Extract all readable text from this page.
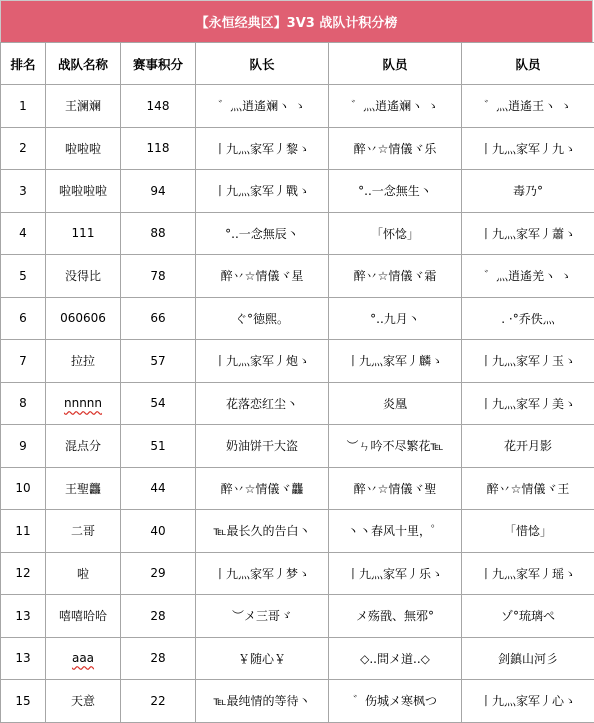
【永恒经典区】3V3 战队计积分榜
排名	战队名称	赛事积分	队长	队员	队员
1	王澜斓	148	゛灬逍遙斓ヽ ゝ	゛灬逍遙斓ヽ ゝ	゛灬逍遙王ヽ ゝ
2	啦啦啦	118	丨九灬家军丿黎ゝ	醉丷☆情儀ヾ乐	丨九灬家军丿九ゝ
3	啦啦啦啦	94	丨九灬家军丿戰ゝ	°..一念無生丶	毒乃°
4	111	88	°..一念無辰丶	「怀惗」	丨九灬家军丿蕭ゝ
5	没得比	78	醉丷☆情儀ヾ星	醉丷☆情儀ヾ霜	゛灬逍遙羌ヽ ゝ
6	060606	66	ぐ°徳熙。	°..九月丶	. ·°乔佚灬
7	拉拉	57	丨九灬家军丿炮ゝ	丨九灬家军丿麟ゝ	丨九灬家军丿玉ゝ
8	nnnnn	54	花落恋红尘丶	炎凰	丨九灬家军丿美ゝ
9	混点分	51	奶油饼干大盗	︶ㄣ吟不尽繁花℡	花开月影
10	王聖龘	44	醉丷☆情儀ヾ龘	醉丷☆情儀ヾ聖	醉丷☆情儀ヾ王
11	二哥	40	℡最长久的告白丶	丶丶春风十里，゜	「惜惗」
12	啦	29	丨九灬家军丿梦ゝ	丨九灬家军丿乐ゝ	丨九灬家军丿瑶ゝ
13	嘻嘻哈哈	28	︶メ三哥ゞ	メ殇戩、無邪°	ゾ°琉璃ぺ
13	aaa	28	￥随心￥	◇..問メ道..◇	剑鎮山河彡
15	天意	22	℡最纯情的等待丶	゛伤城メ寒枫つ	丨九灬家军丿心ゝ
